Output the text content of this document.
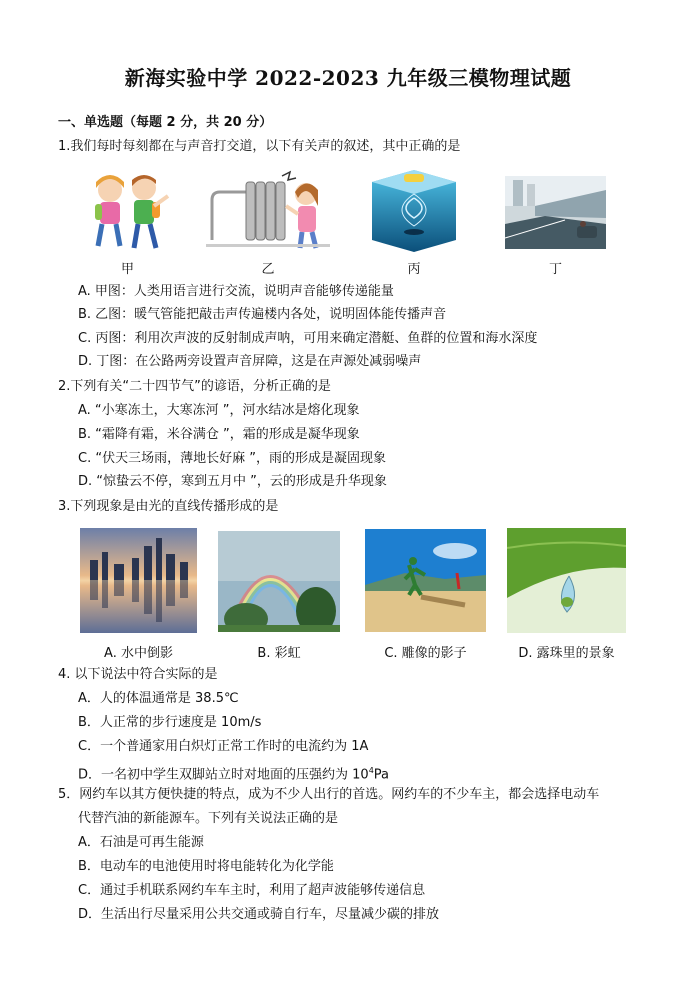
新海实验中学 2022-2023 九年级三模物理试题
一、单选题（每题 2 分，共 20 分）
1.我们每时每刻都在与声音打交道，以下有关声的叙述，其中正确的是
甲	乙	丙	丁
A. 甲图：人类用语言进行交流，说明声音能够传递能量
B. 乙图：暖气管能把敲击声传遍楼内各处，说明固体能传播声音
C. 丙图：利用次声波的反射制成声呐，可用来确定潜艇、鱼群的位置和海水深度
D. 丁图：在公路两旁设置声音屏障，这是在声源处减弱噪声
2.下列有关“二十四节气”的谚语，分析正确的是
A. “小寒冻土，大寒冻河 ”，河水结冰是熔化现象
B. “霜降有霜，米谷满仓 ”，霜的形成是凝华现象
C. “伏天三场雨，薄地长好麻 ”，雨的形成是凝固现象
D. “惊蛰云不停，寒到五月中 ”，云的形成是升华现象
3.下列现象是由光的直线传播形成的是
A. 水中倒影	B. 彩虹	C. 雕像的影子	D. 露珠里的景象
4. 以下说法中符合实际的是
A．人的体温通常是 38.5℃
B．人正常的步行速度是 10m/s
C．一个普通家用白炽灯正常工作时的电流约为 1A
D．一名初中学生双脚站立时对地面的压强约为 $10^4Pa$
5．网约车以其方便快捷的特点，成为不少人出行的首选。网约车的不少车主，都会选择电动车
代替汽油的新能源车。下列有关说法正确的是
A．石油是可再生能源
B．电动车的电池使用时将电能转化为化学能
C．通过手机联系网约车车主时，利用了超声波能够传递信息
D．生活出行尽量采用公共交通或骑自行车，尽量减少碳的排放
